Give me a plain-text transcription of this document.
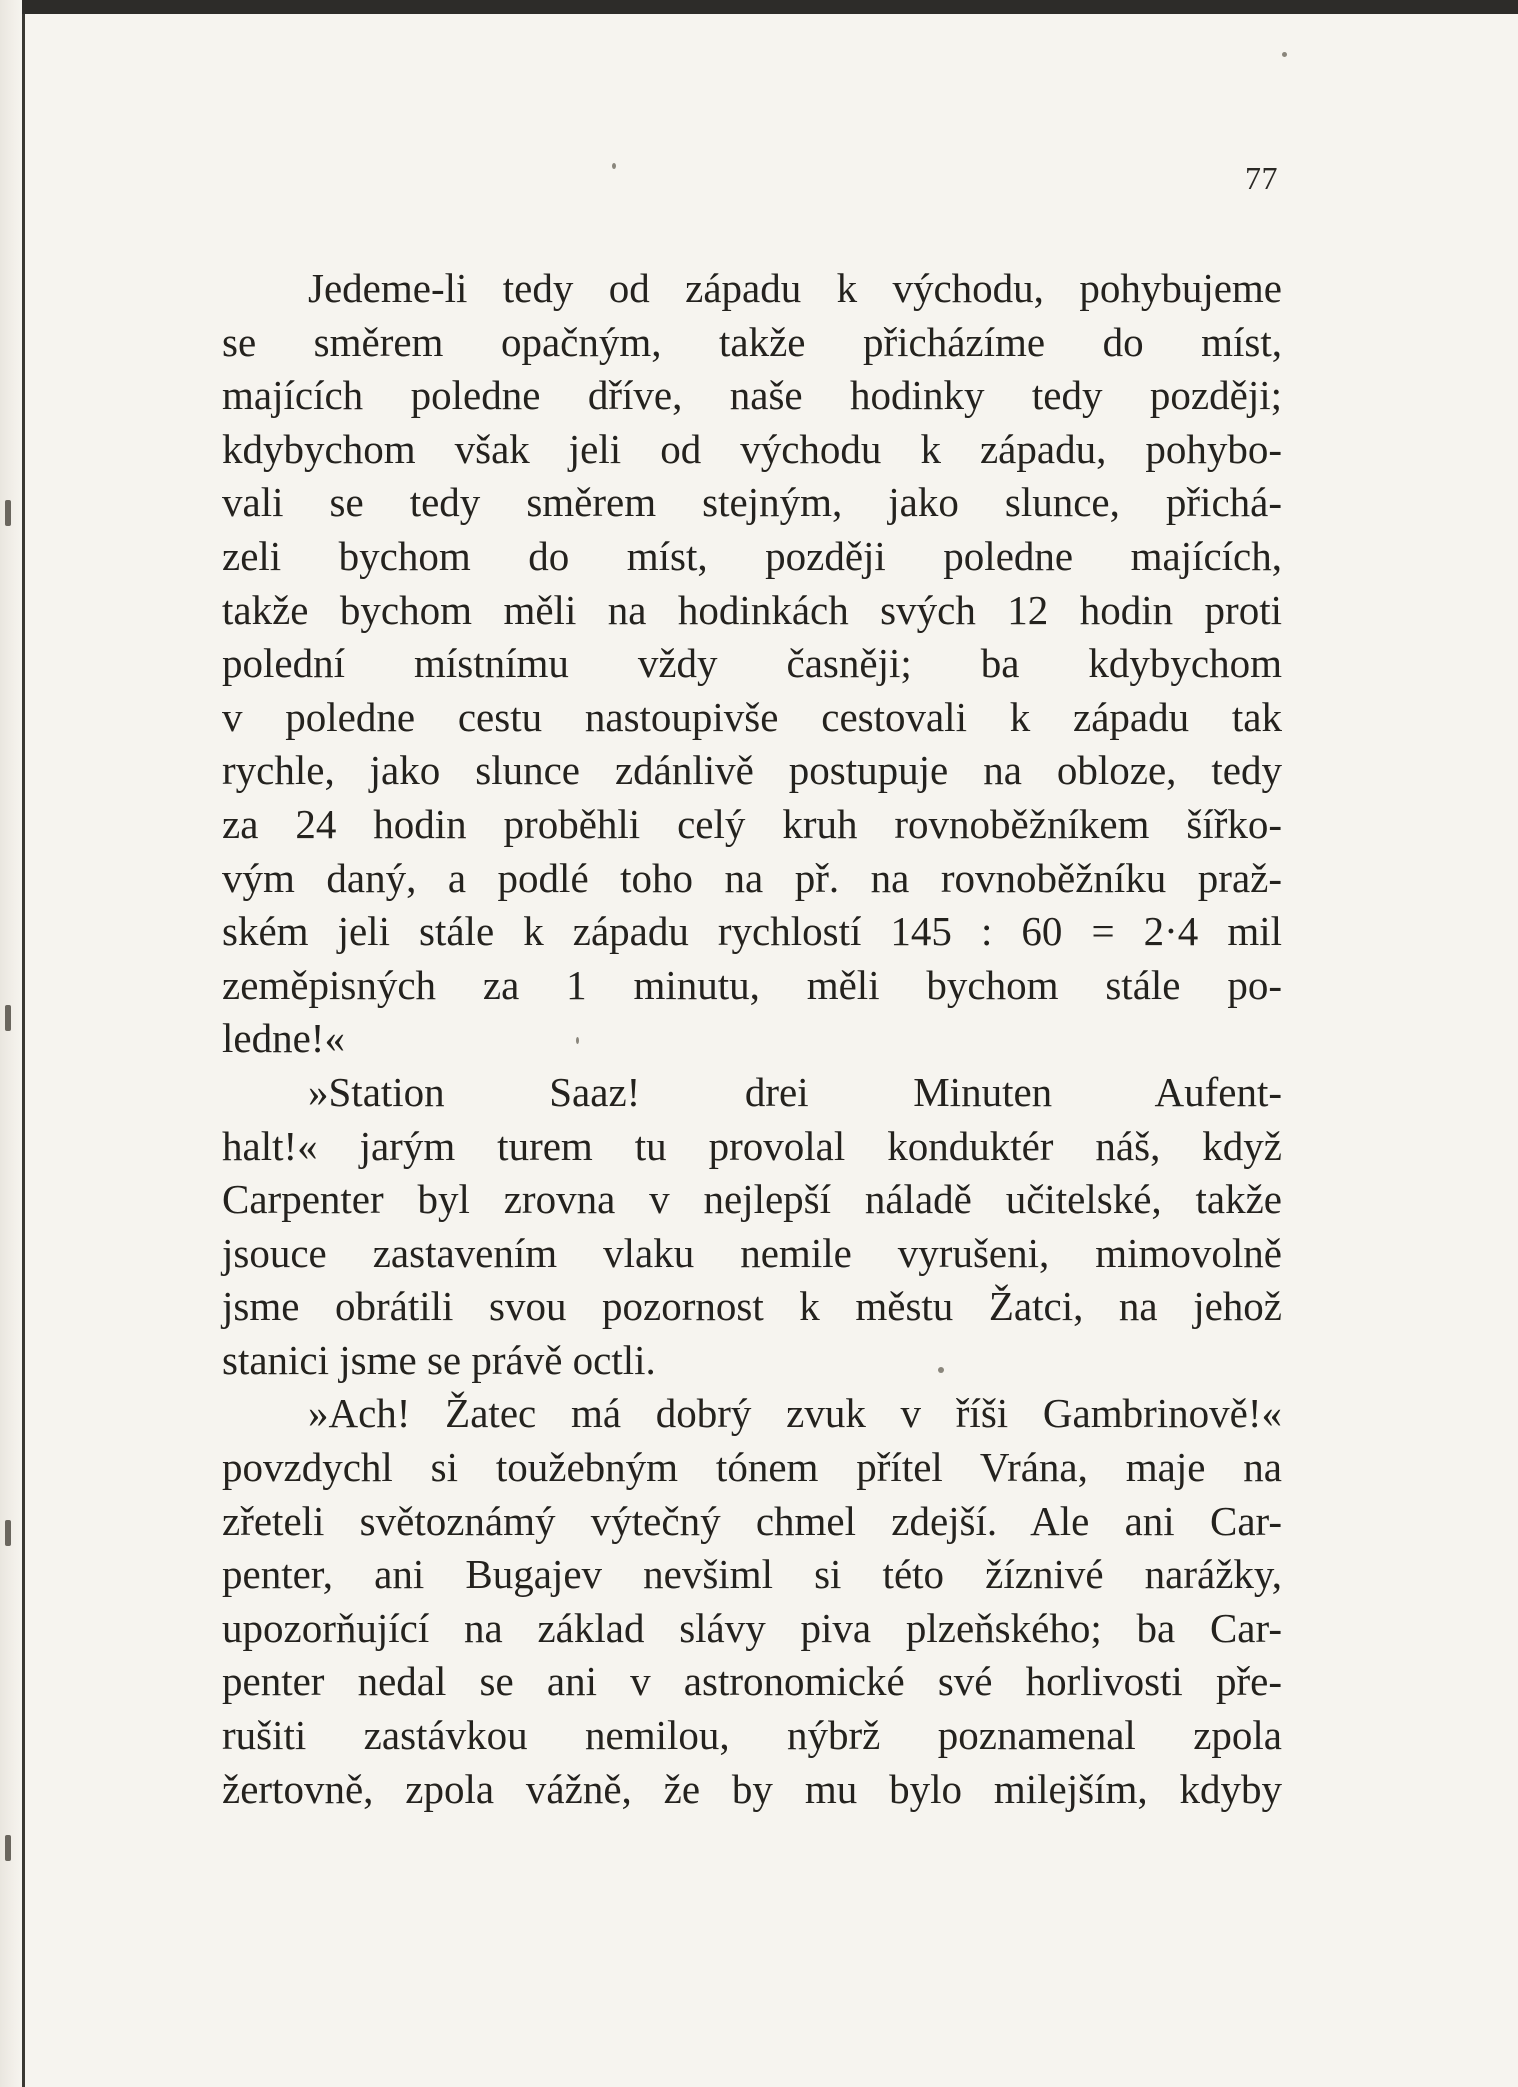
77
Jedeme-li tedy od západu k východu, pohybujeme
se směrem opačným, takže přicházíme do míst,
majících poledne dříve, naše hodinky tedy později;
kdybychom však jeli od východu k západu, pohybo-
vali se tedy směrem stejným, jako slunce, přichá-
zeli bychom do míst, později poledne majících,
takže bychom měli na hodinkách svých 12 hodin proti
polední místnímu vždy časněji; ba kdybychom
v poledne cestu nastoupivše cestovali k západu tak
rychle, jako slunce zdánlivě postupuje na obloze, tedy
za 24 hodin proběhli celý kruh rovnoběžníkem šířko-
vým daný, a podlé toho na př. na rovnoběžníku praž-
ském jeli stále k západu rychlostí 145 : 60 = 2·4 mil
zeměpisných za 1 minutu, měli bychom stále po-
ledne!«
»Station Saaz! drei Minuten Aufent-
halt!« jarým turem tu provolal konduktér náš, když
Carpenter byl zrovna v nejlepší náladě učitelské, takže
jsouce zastavením vlaku nemile vyrušeni, mimovolně
jsme obrátili svou pozornost k městu Žatci, na jehož
stanici jsme se právě octli.
»Ach! Žatec má dobrý zvuk v říši Gambrinově!«
povzdychl si toužebným tónem přítel Vrána, maje na
zřeteli světoznámý výtečný chmel zdejší. Ale ani Car-
penter, ani Bugajev nevšiml si této žíznivé narážky,
upozorňující na základ slávy piva plzeňského; ba Car-
penter nedal se ani v astronomické své horlivosti pře-
rušiti zastávkou nemilou, nýbrž poznamenal zpola
žertovně, zpola vážně, že by mu bylo milejším, kdyby
